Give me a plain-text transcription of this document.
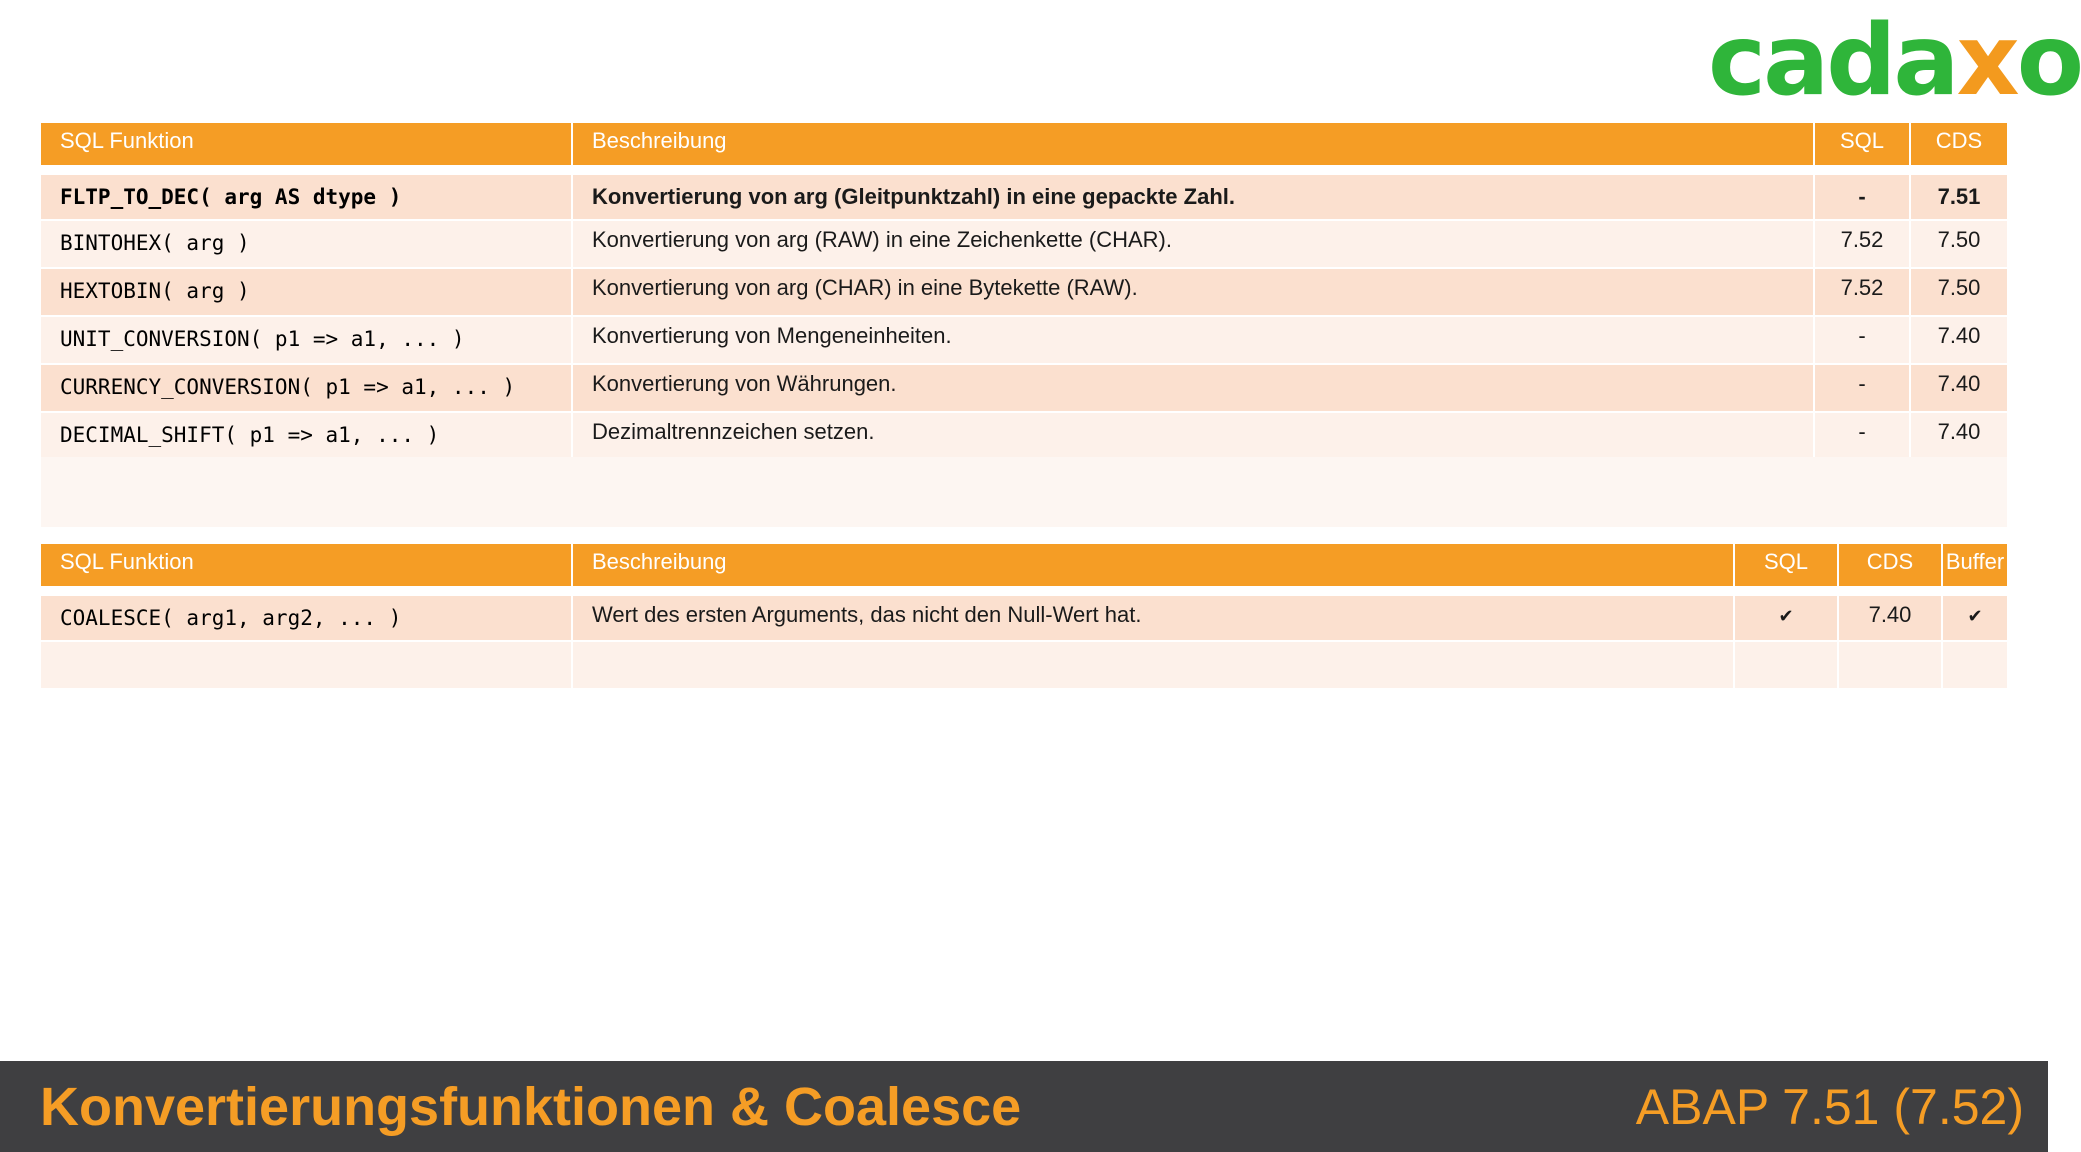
cadaxo
SQL Funktion	Beschreibung	SQL	CDS
FLTP_TO_DEC( arg AS dtype )	Konvertierung von arg (Gleitpunktzahl) in eine gepackte Zahl.	-	7.51
BINTOHEX( arg )	Konvertierung von arg (RAW) in eine Zeichenkette (CHAR).	7.52	7.50
HEXTOBIN( arg )	Konvertierung von arg (CHAR) in eine Bytekette (RAW).	7.52	7.50
UNIT_CONVERSION( p1 => a1, ... )	Konvertierung von Mengeneinheiten.	-	7.40
CURRENCY_CONVERSION( p1 => a1, ... )	Konvertierung von Währungen.	-	7.40
DECIMAL_SHIFT( p1 => a1, ... )	Dezimaltrennzeichen setzen.	-	7.40
SQL Funktion	Beschreibung	SQL	CDS	Buffer
COALESCE( arg1, arg2, ... )	Wert des ersten Arguments, das nicht den Null-Wert hat.	✔	7.40	✔
Konvertierungsfunktionen & Coalesce	ABAP 7.51 (7.52)
